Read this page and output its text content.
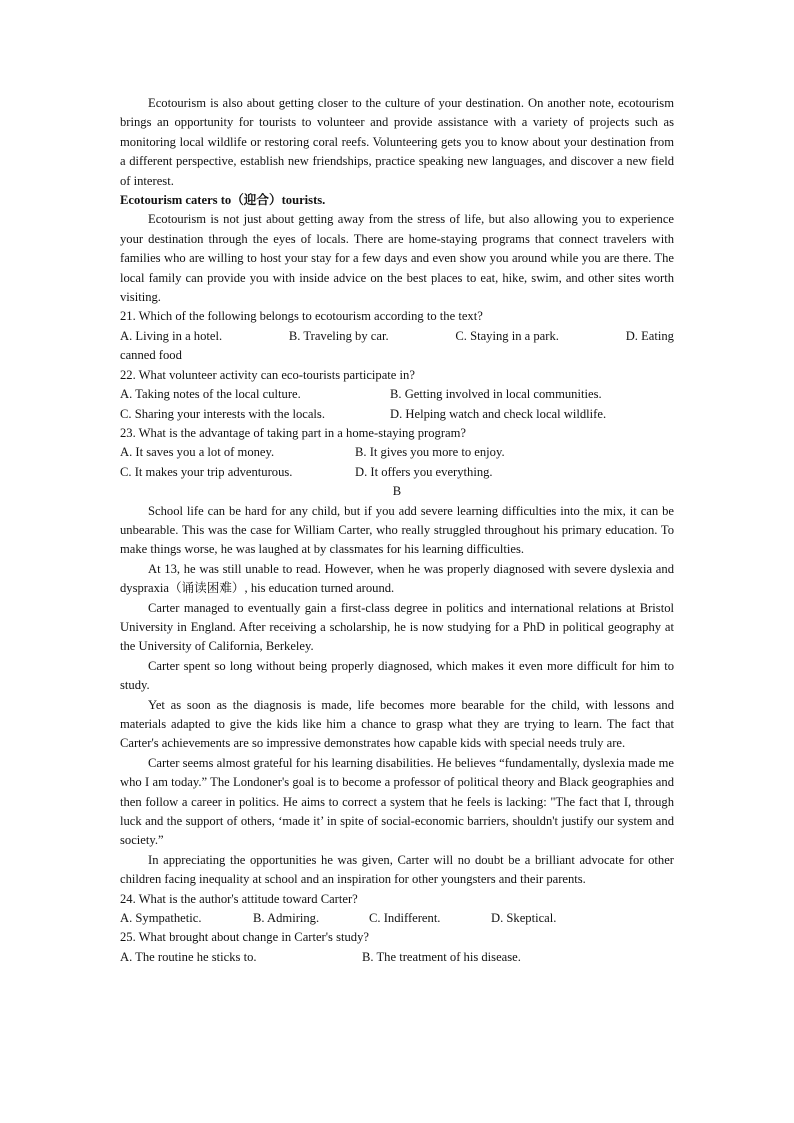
Ecotourism is also about getting closer to the culture of your destination. On another note, ecotourism brings an opportunity for tourists to volunteer and provide assistance with a variety of projects such as monitoring local wildlife or restoring coral reefs. Volunteering gets you to know about your destination from a different perspective, establish new friendships, practice speaking new languages, and discover a new field of interest.

Ecotourism caters to（迎合）tourists.

Ecotourism is not just about getting away from the stress of life, but also allowing you to experience your destination through the eyes of locals. There are home-staying programs that connect travelers with families who are willing to host your stay for a few days and even show you around while you are there. The local family can provide you with inside advice on the best places to eat, hike, swim, and other sites worth visiting.

21. Which of the following belongs to ecotourism according to the text?

A. Living in a hotel.	B. Traveling by car.	C. Staying in a park.	D. Eating

canned food

22. What volunteer activity can eco-tourists participate in?

A. Taking notes of the local culture.	B. Getting involved in local communities.
C. Sharing your interests with the locals.	D. Helping watch and check local wildlife.

23. What is the advantage of taking part in a home-staying program?

A. It saves you a lot of money.	B. It gives you more to enjoy.
C. It makes your trip adventurous.	D. It offers you everything.

B

School life can be hard for any child, but if you add severe learning difficulties into the mix, it can be unbearable. This was the case for William Carter, who really struggled throughout his primary education. To make things worse, he was laughed at by classmates for his learning difficulties.

At 13, he was still unable to read. However, when he was properly diagnosed with severe dyslexia and dyspraxia（诵读困难）, his education turned around.

Carter managed to eventually gain a first-class degree in politics and international relations at Bristol University in England. After receiving a scholarship, he is now studying for a PhD in political geography at the University of California, Berkeley.

Carter spent so long without being properly diagnosed, which makes it even more difficult for him to study.

Yet as soon as the diagnosis is made, life becomes more bearable for the child, with lessons and materials adapted to give the kids like him a chance to grasp what they are trying to learn. The fact that Carter's achievements are so impressive demonstrates how capable kids with special needs truly are.

Carter seems almost grateful for his learning disabilities. He believes “fundamentally, dyslexia made me who I am today.” The Londoner's goal is to become a professor of political theory and Black geographies and then follow a career in politics. He aims to correct a system that he feels is lacking: "The fact that I, through luck and the support of others, ‘made it’ in spite of social-economic barriers, shouldn't justify our system and society.”

In appreciating the opportunities he was given, Carter will no doubt be a brilliant advocate for other children facing inequality at school and an inspiration for other youngsters and their parents.

24. What is the author's attitude toward Carter?

A. Sympathetic.	B. Admiring.	C. Indifferent.	D. Skeptical.

25. What brought about change in Carter's study?

A. The routine he sticks to.	B. The treatment of his disease.
